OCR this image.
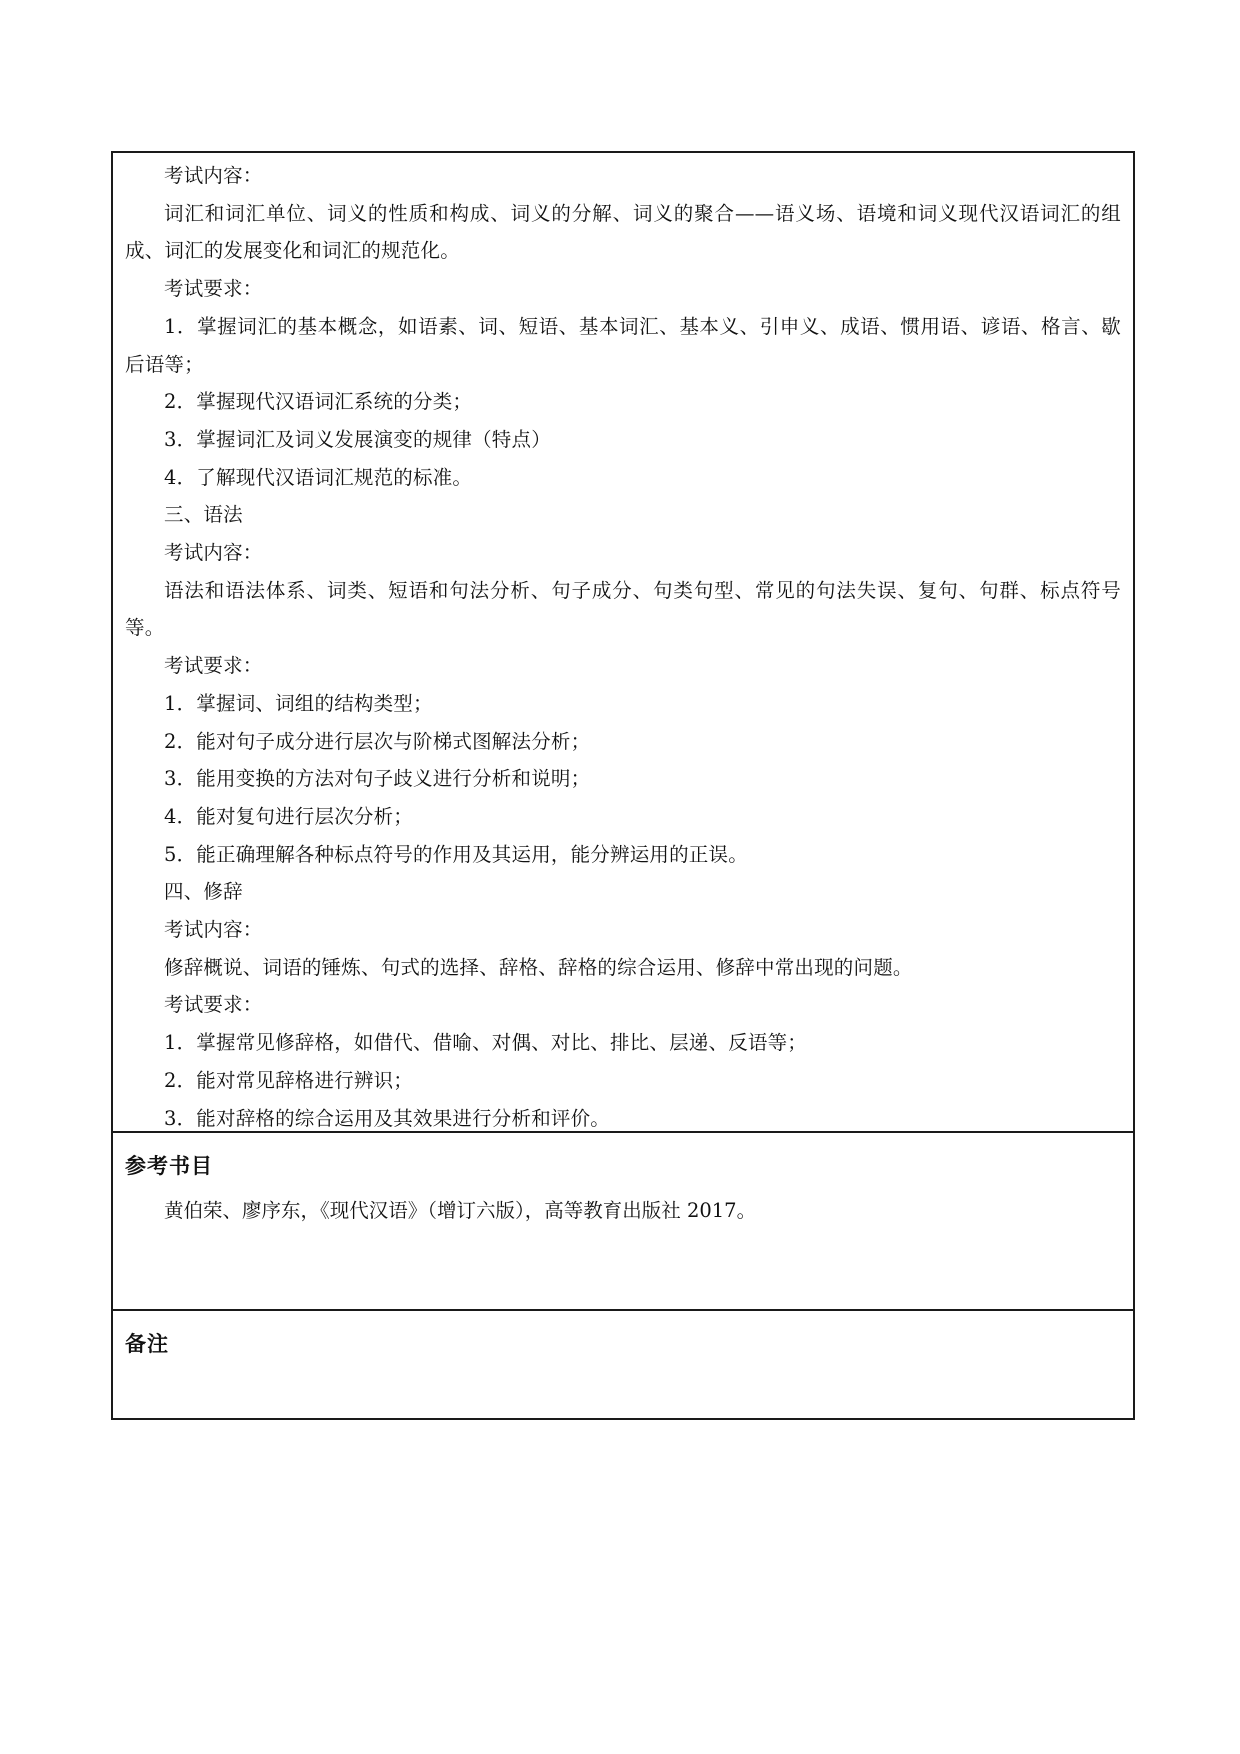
考试内容：

词汇和词汇单位、词义的性质和构成、词义的分解、词义的聚合——语义场、语境和词义现代汉语词汇的组成、词汇的发展变化和词汇的规范化。

考试要求：

1．掌握词汇的基本概念，如语素、词、短语、基本词汇、基本义、引申义、成语、惯用语、谚语、格言、歇后语等；

2．掌握现代汉语词汇系统的分类；

3．掌握词汇及词义发展演变的规律（特点）

4．了解现代汉语词汇规范的标准。

三、语法

考试内容：

语法和语法体系、词类、短语和句法分析、句子成分、句类句型、常见的句法失误、复句、句群、标点符号等。

考试要求：

1．掌握词、词组的结构类型；

2．能对句子成分进行层次与阶梯式图解法分析；

3．能用变换的方法对句子歧义进行分析和说明；

4．能对复句进行层次分析；

5．能正确理解各种标点符号的作用及其运用，能分辨运用的正误。

四、修辞

考试内容：

修辞概说、词语的锤炼、句式的选择、辞格、辞格的综合运用、修辞中常出现的问题。

考试要求：

1．掌握常见修辞格，如借代、借喻、对偶、对比、排比、层递、反语等；

2．能对常见辞格进行辨识；

3．能对辞格的综合运用及其效果进行分析和评价。

参考书目

黄伯荣、廖序东，《现代汉语》（增订六版），高等教育出版社 2017。

备注
